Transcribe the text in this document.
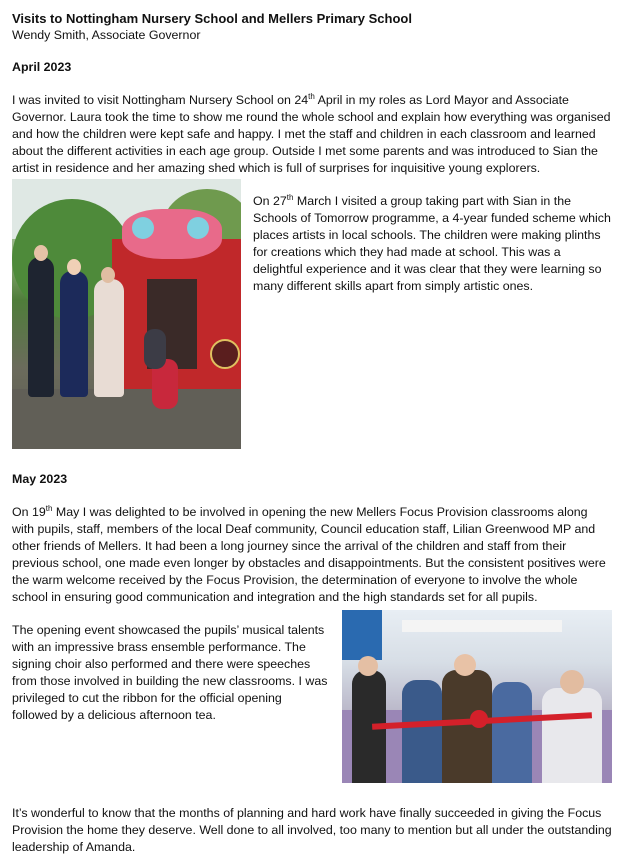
Visits to Nottingham Nursery School and Mellers Primary School

Wendy Smith, Associate Governor

April 2023

I was invited to visit Nottingham Nursery School on 24th April in my roles as Lord Mayor and Associate Governor. Laura took the time to show me round the whole school and explain how everything was organised and how the children were kept safe and happy. I met the staff and children in each classroom and learned about the different activities in each age group. Outside I met some parents and was introduced to Sian the artist in residence and her amazing shed which is full of surprises for inquisitive young explorers.

On 27th March I visited a group taking part with Sian in the Schools of Tomorrow programme, a 4-year funded scheme which places artists in local schools. The children were making plinths for creations which they had made at school. This was a delightful experience and it was clear that they were learning so many different skills apart from simply artistic ones.

May 2023

On 19th May I was delighted to be involved in opening the new Mellers Focus Provision classrooms along with pupils, staff, members of the local Deaf community, Council education staff, Lilian Greenwood MP and other friends of Mellers. It had been a long journey since the arrival of the children and staff from their previous school, one made even longer by obstacles and disappointments. But the consistent positives were the warm welcome received by the Focus Provision, the determination of everyone to involve the whole school in ensuring good communication and integration and the high standards set for all pupils.

The opening event showcased the pupils’ musical talents with an impressive brass ensemble performance. The signing choir also performed and there were speeches from those involved in building the new classrooms. I was privileged to cut the ribbon for the official opening followed by a delicious afternoon tea.

It’s wonderful to know that the months of planning and hard work have finally succeeded in giving the Focus Provision the home they deserve. Well done to all involved, too many to mention but all under the outstanding leadership of Amanda.
